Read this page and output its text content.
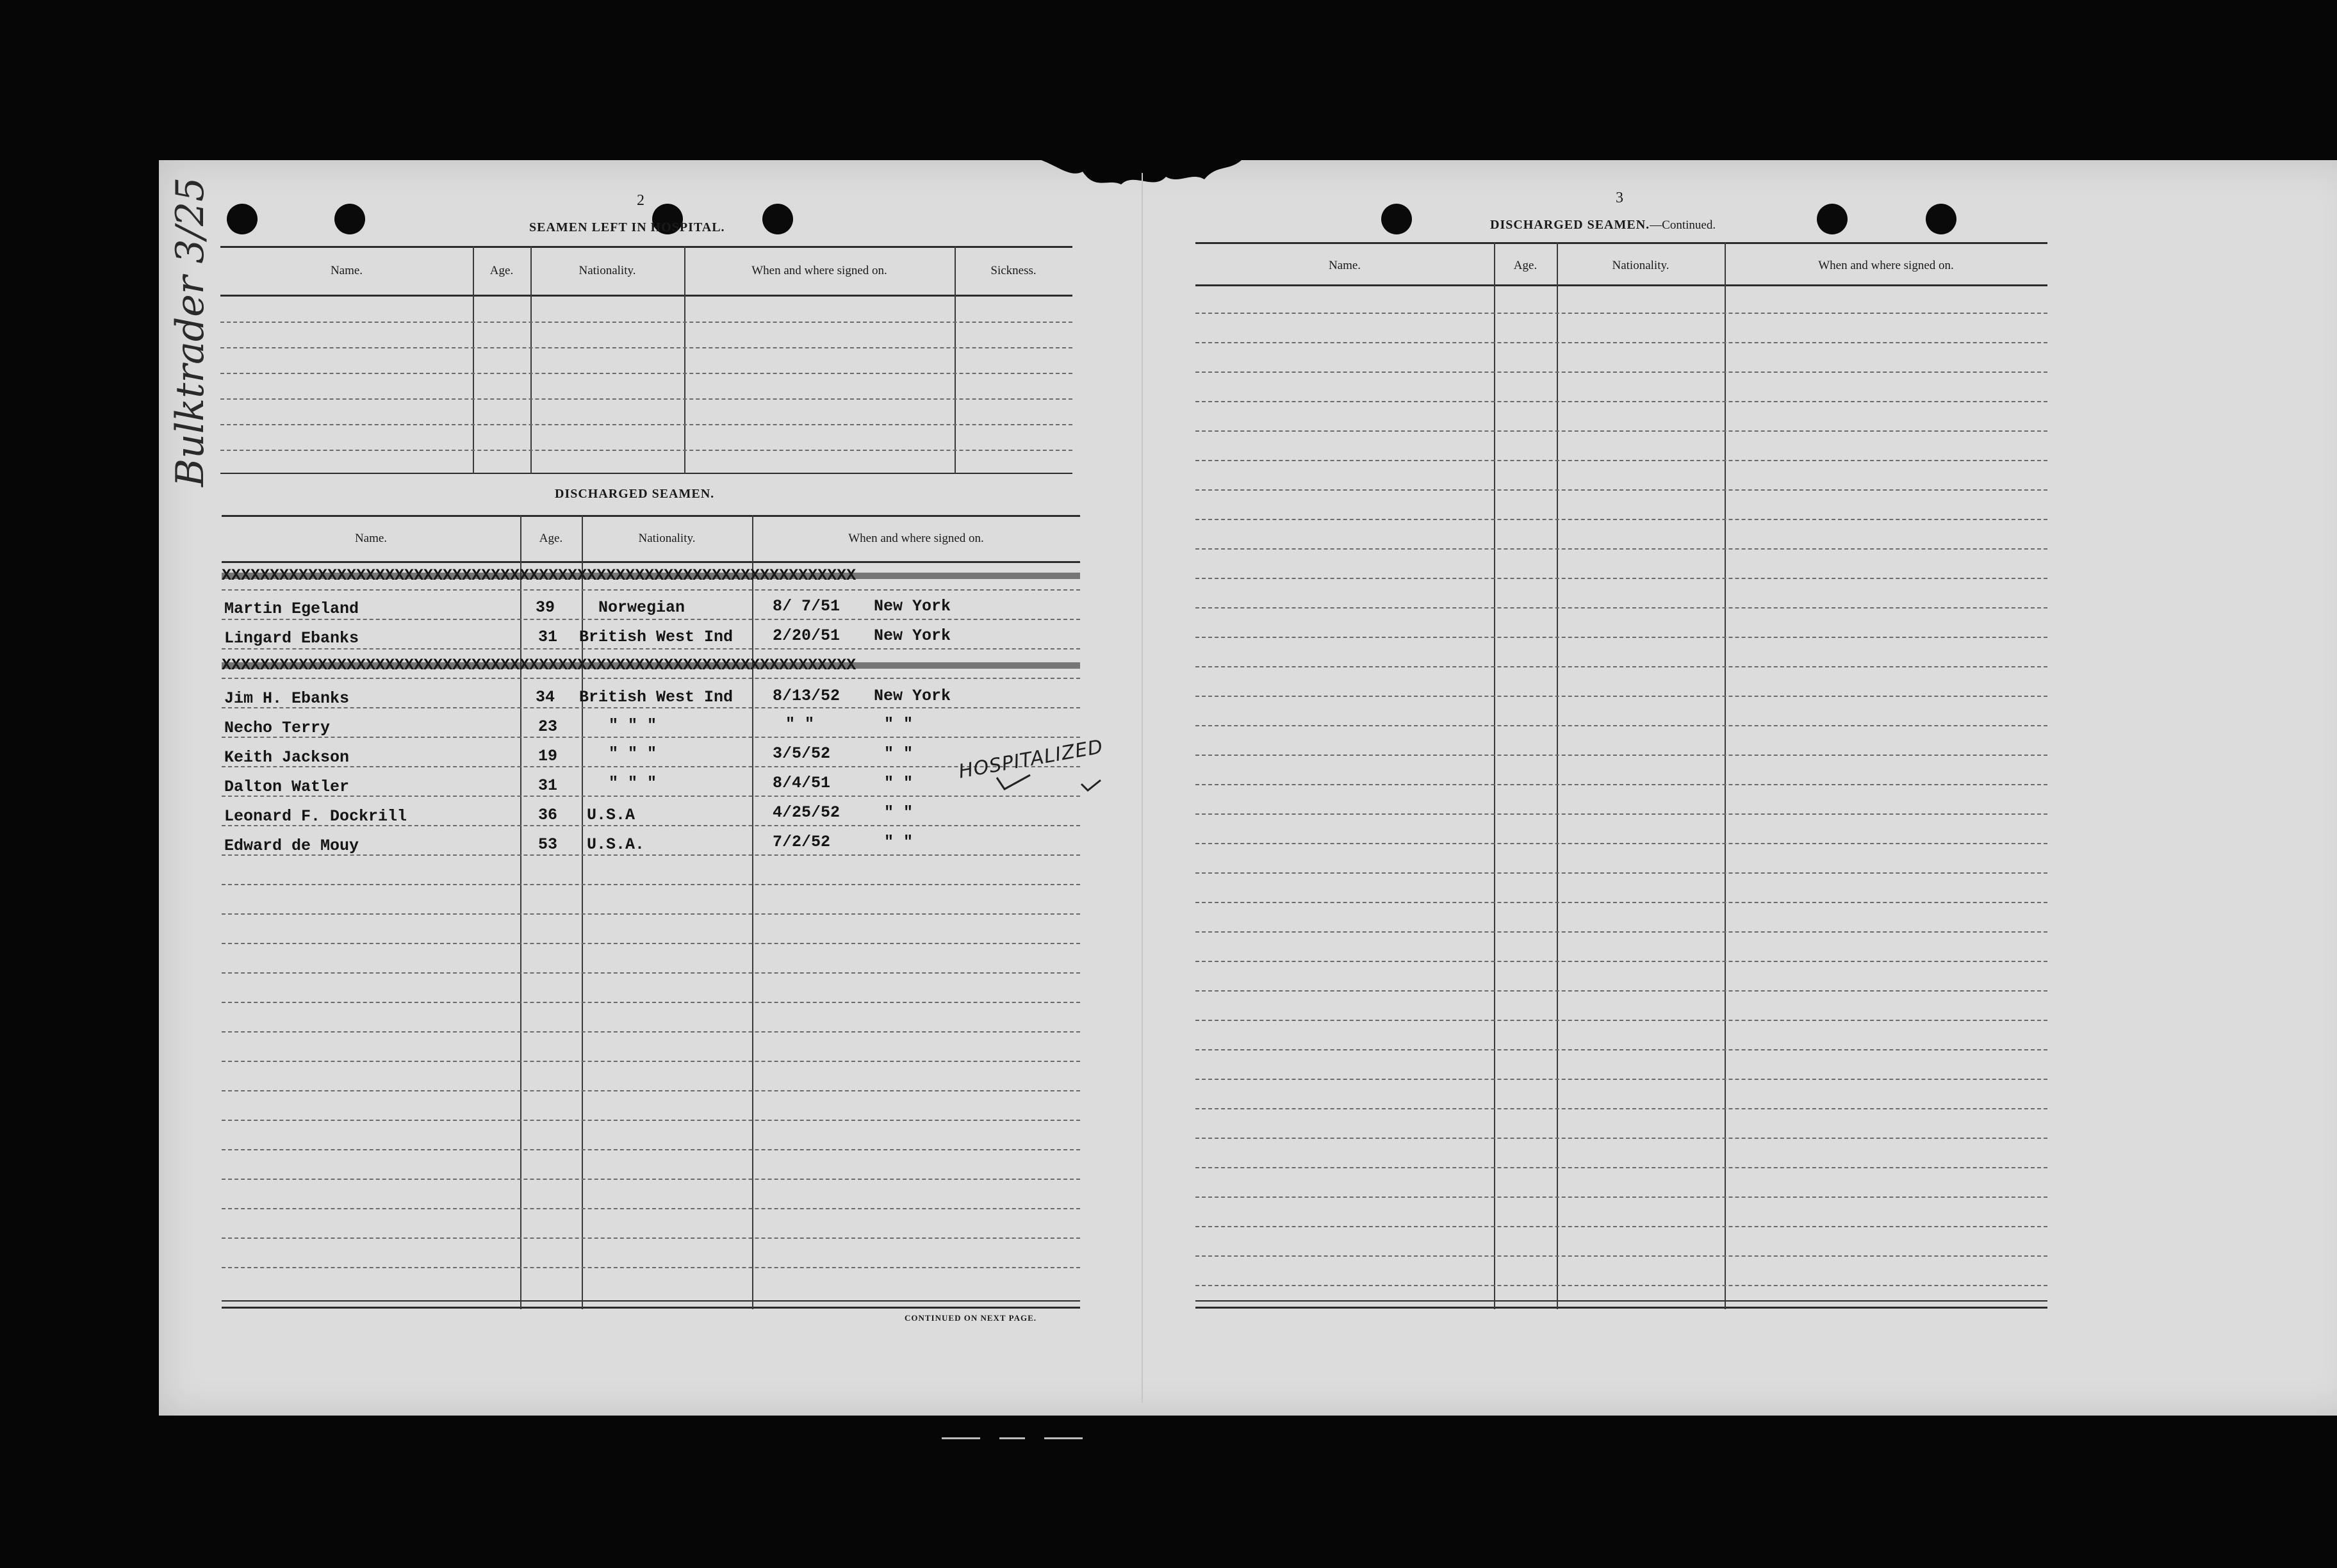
Bulktrader 3/25	2
SEAMEN LEFT IN HOSPITAL.
Name.	Age.	Nationality.	When and where signed on.	Sickness.
DISCHARGED SEAMEN.
Name.	Age.	Nationality.	When and where signed on.
Martin Egeland	39	Norwegian	8/ 7/51 New York
Lingard Ebanks	31 British West Ind 2/20/51 New York
Jim H. Ebanks	34 British West Ind 8/13/52 New York
Necho Terry	23	" " "	" "	" "
Keith Jackson	19	" " "	3/5/52	" "
Dalton Watler	31	" " "	8/4/51	" "
Leonard F. Dockrill	36 U.S.A	4/25/52	" "
Edward de Mouy	53 U.S.A.	7/2/52	" "
HOSPITALIZED
CONTINUED ON NEXT PAGE.
3
DISCHARGED SEAMEN.—Continued.
Name.	Age.	Nationality.	When and where signed on.
